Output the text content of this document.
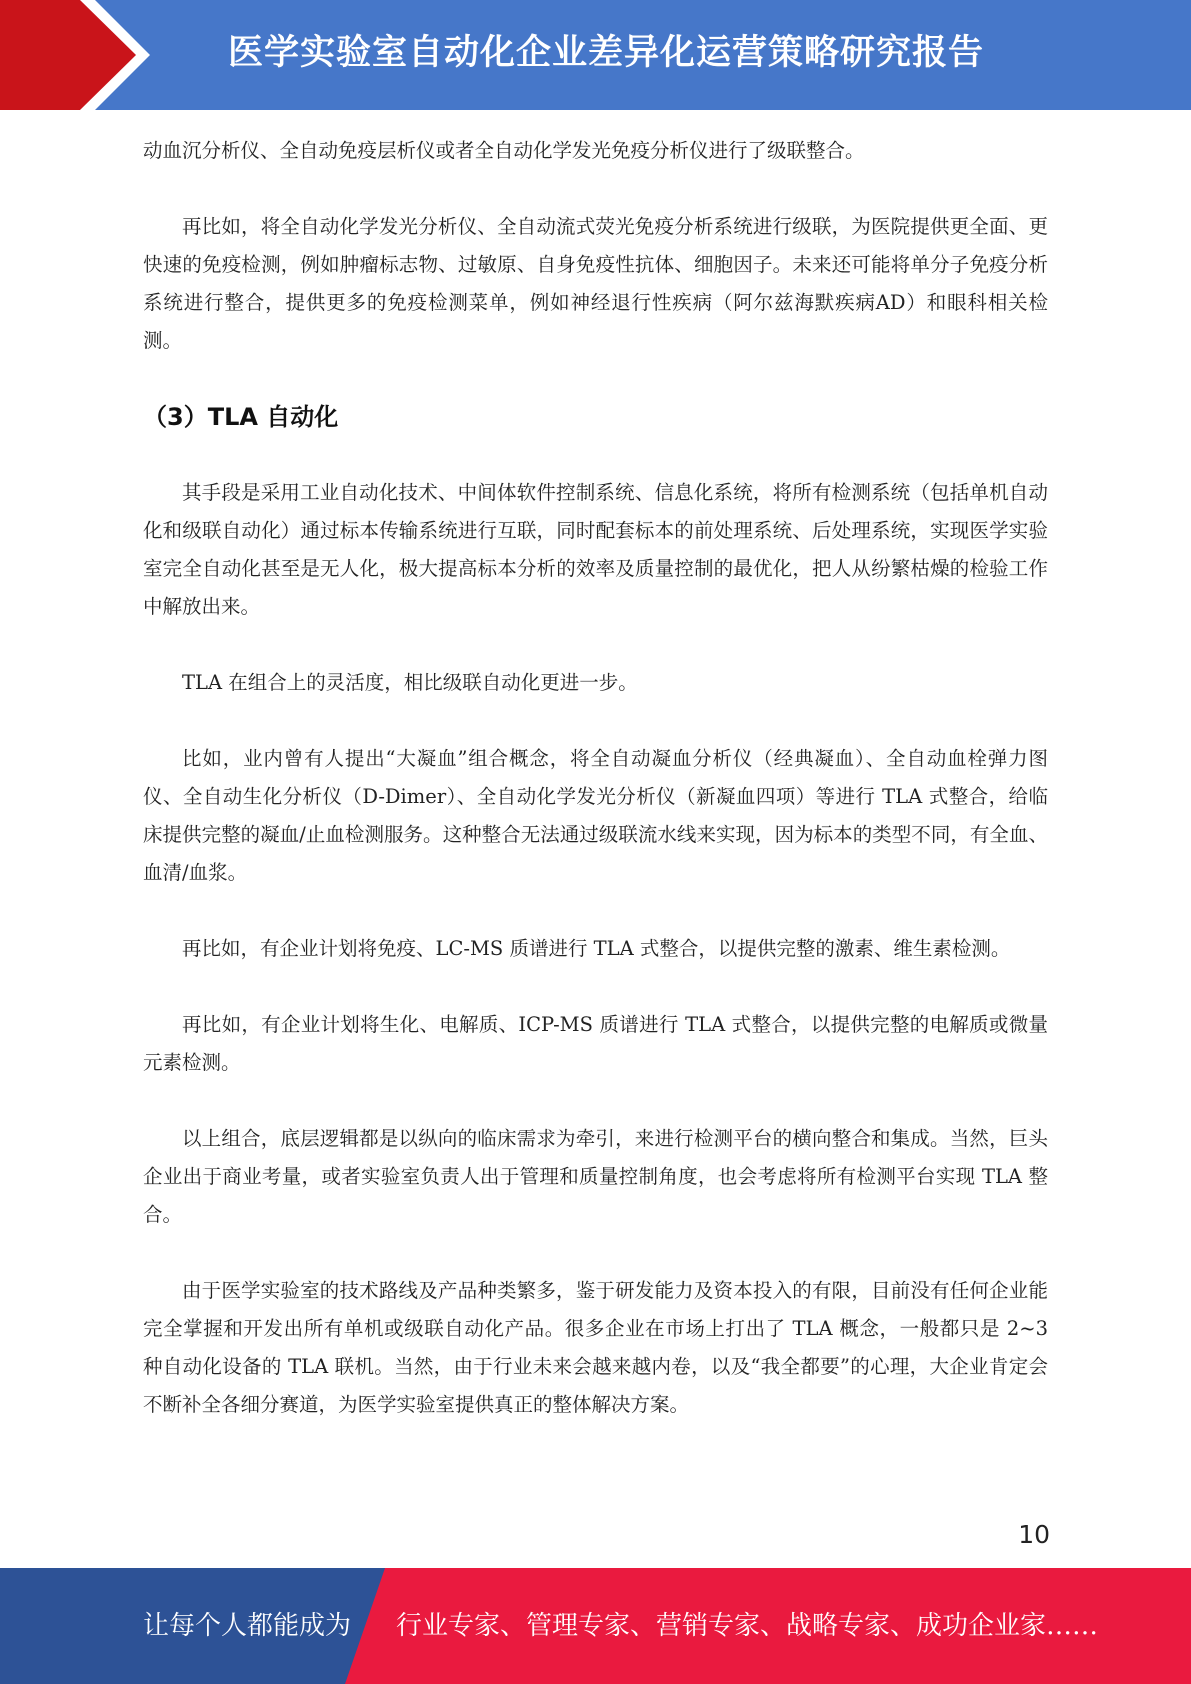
医学实验室自动化企业差异化运营策略研究报告

动血沉分析仪、全自动免疫层析仪或者全自动化学发光免疫分析仪进行了级联整合。

再比如，将全自动化学发光分析仪、全自动流式荧光免疫分析系统进行级联，为医院提供更全面、更快速的免疫检测，例如肿瘤标志物、过敏原、自身免疫性抗体、细胞因子。未来还可能将单分子免疫分析系统进行整合，提供更多的免疫检测菜单，例如神经退行性疾病（阿尔兹海默疾病AD）和眼科相关检测。

（3）TLA 自动化

其手段是采用工业自动化技术、中间体软件控制系统、信息化系统，将所有检测系统（包括单机自动化和级联自动化）通过标本传输系统进行互联，同时配套标本的前处理系统、后处理系统，实现医学实验室完全自动化甚至是无人化，极大提高标本分析的效率及质量控制的最优化，把人从纷繁枯燥的检验工作中解放出来。

TLA 在组合上的灵活度，相比级联自动化更进一步。

比如，业内曾有人提出“大凝血”组合概念，将全自动凝血分析仪（经典凝血）、全自动血栓弹力图仪、全自动生化分析仪（D-Dimer）、全自动化学发光分析仪（新凝血四项）等进行 TLA 式整合，给临床提供完整的凝血/止血检测服务。这种整合无法通过级联流水线来实现，因为标本的类型不同，有全血、血清/血浆。

再比如，有企业计划将免疫、LC-MS 质谱进行 TLA 式整合，以提供完整的激素、维生素检测。

再比如，有企业计划将生化、电解质、ICP-MS 质谱进行 TLA 式整合，以提供完整的电解质或微量元素检测。

以上组合，底层逻辑都是以纵向的临床需求为牵引，来进行检测平台的横向整合和集成。当然，巨头企业出于商业考量，或者实验室负责人出于管理和质量控制角度，也会考虑将所有检测平台实现 TLA 整合。

由于医学实验室的技术路线及产品种类繁多，鉴于研发能力及资本投入的有限，目前没有任何企业能完全掌握和开发出所有单机或级联自动化产品。很多企业在市场上打出了 TLA 概念，一般都只是 2~3 种自动化设备的 TLA 联机。当然，由于行业未来会越来越内卷，以及“我全都要”的心理，大企业肯定会不断补全各细分赛道，为医学实验室提供真正的整体解决方案。

10
让每个人都能成为 行业专家、管理专家、营销专家、战略专家、成功企业家……
